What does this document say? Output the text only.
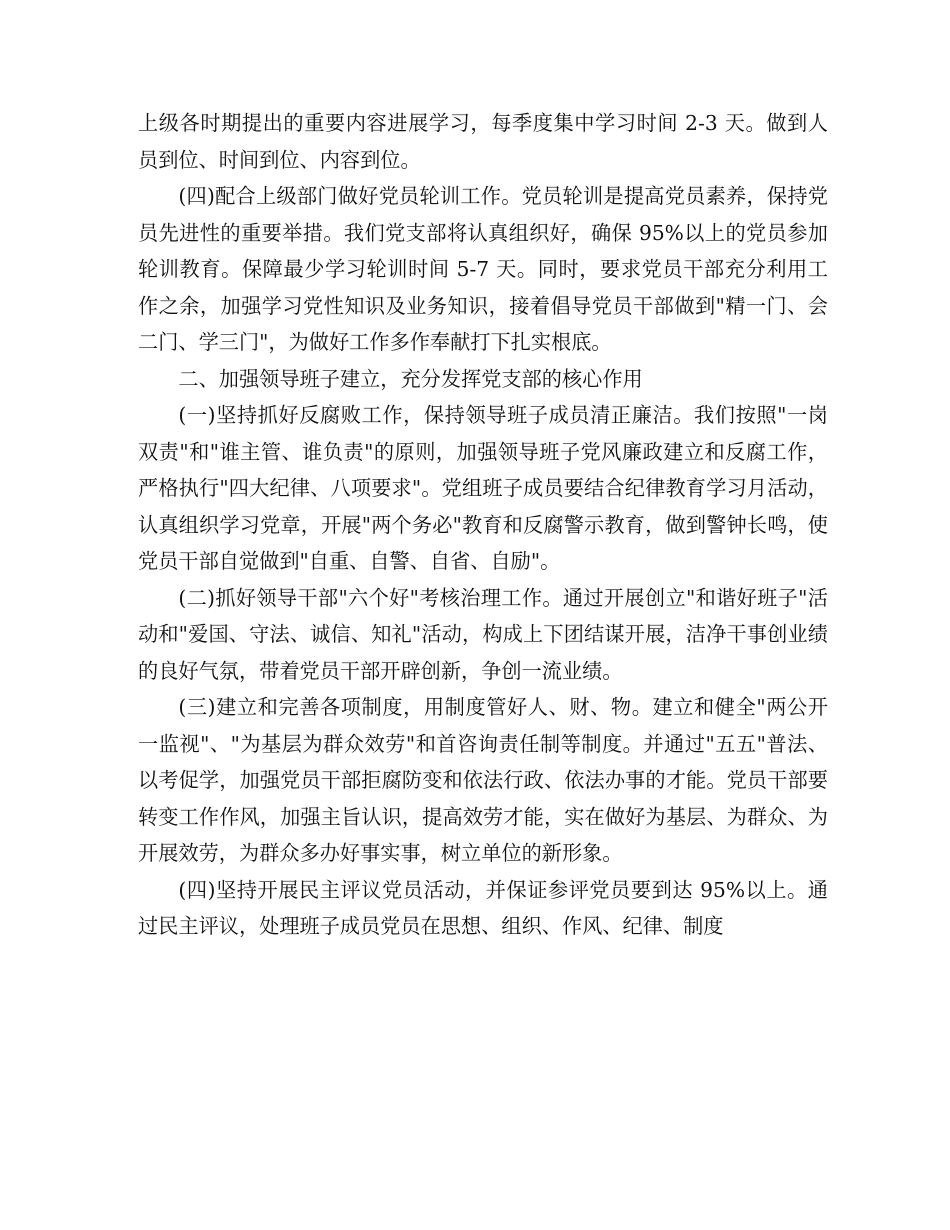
上级各时期提出的重要内容进展学习，每季度集中学习时间 2-3 天。做到人员到位、时间到位、内容到位。

(四)配合上级部门做好党员轮训工作。党员轮训是提高党员素养，保持党员先进性的重要举措。我们党支部将认真组织好，确保 95%以上的党员参加轮训教育。保障最少学习轮训时间 5-7 天。同时，要求党员干部充分利用工作之余，加强学习党性知识及业务知识，接着倡导党员干部做到"精一门、会二门、学三门"，为做好工作多作奉献打下扎实根底。

二、加强领导班子建立，充分发挥党支部的核心作用

(一)坚持抓好反腐败工作，保持领导班子成员清正廉洁。我们按照"一岗双责"和"谁主管、谁负责"的原则，加强领导班子党风廉政建立和反腐工作，严格执行"四大纪律、八项要求"。党组班子成员要结合纪律教育学习月活动，认真组织学习党章，开展"两个务必"教育和反腐警示教育，做到警钟长鸣，使党员干部自觉做到"自重、自警、自省、自励"。

(二)抓好领导干部"六个好"考核治理工作。通过开展创立"和谐好班子"活动和"爱国、守法、诚信、知礼"活动，构成上下团结谋开展，洁净干事创业绩的良好气氛，带着党员干部开辟创新，争创一流业绩。

(三)建立和完善各项制度，用制度管好人、财、物。建立和健全"两公开一监视"、"为基层为群众效劳"和首咨询责任制等制度。并通过"五五"普法、以考促学，加强党员干部拒腐防变和依法行政、依法办事的才能。党员干部要转变工作作风，加强主旨认识，提高效劳才能，实在做好为基层、为群众、为开展效劳，为群众多办好事实事，树立单位的新形象。

(四)坚持开展民主评议党员活动，并保证参评党员要到达 95%以上。通过民主评议，处理班子成员党员在思想、组织、作风、纪律、制度
